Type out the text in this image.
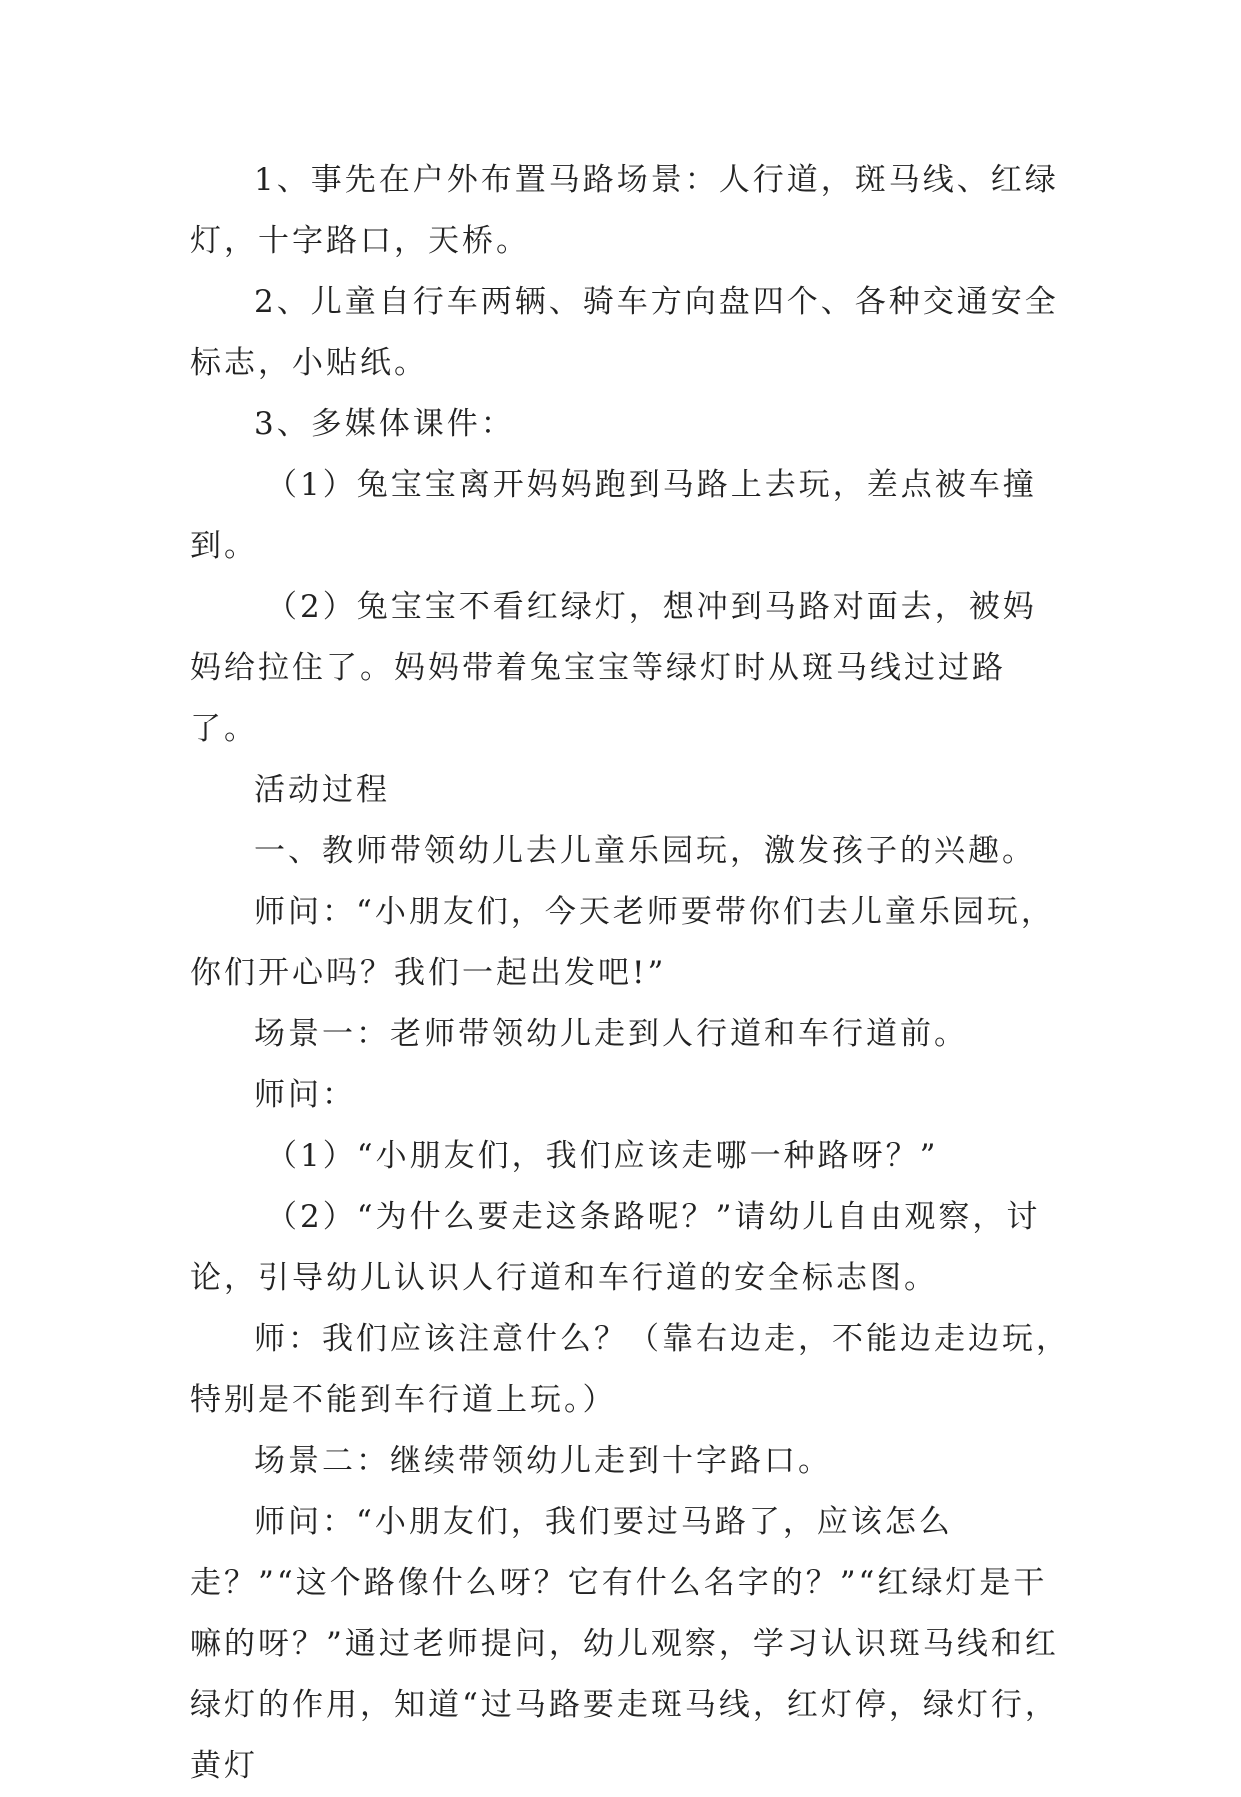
1、事先在户外布置马路场景：人行道，斑马线、红绿灯，十字路口，天桥。

2、儿童自行车两辆、骑车方向盘四个、各种交通安全标志，小贴纸。

3、多媒体课件：

（1）兔宝宝离开妈妈跑到马路上去玩，差点被车撞到。

（2）兔宝宝不看红绿灯，想冲到马路对面去，被妈妈给拉住了。妈妈带着兔宝宝等绿灯时从斑马线过过路了。

活动过程

一、教师带领幼儿去儿童乐园玩，激发孩子的兴趣。

师问：“小朋友们，今天老师要带你们去儿童乐园玩，你们开心吗？我们一起出发吧!”

场景一：老师带领幼儿走到人行道和车行道前。

师问：

（1）“小朋友们，我们应该走哪一种路呀？”

（2）“为什么要走这条路呢？”请幼儿自由观察，讨论，引导幼儿认识人行道和车行道的安全标志图。

师：我们应该注意什么？（靠右边走，不能边走边玩，特别是不能到车行道上玩。）

场景二：继续带领幼儿走到十字路口。

师问：“小朋友们，我们要过马路了，应该怎么走？”“这个路像什么呀？它有什么名字的？”“红绿灯是干嘛的呀？”通过老师提问，幼儿观察，学习认识斑马线和红绿灯的作用，知道“过马路要走斑马线，红灯停，绿灯行，黄灯
